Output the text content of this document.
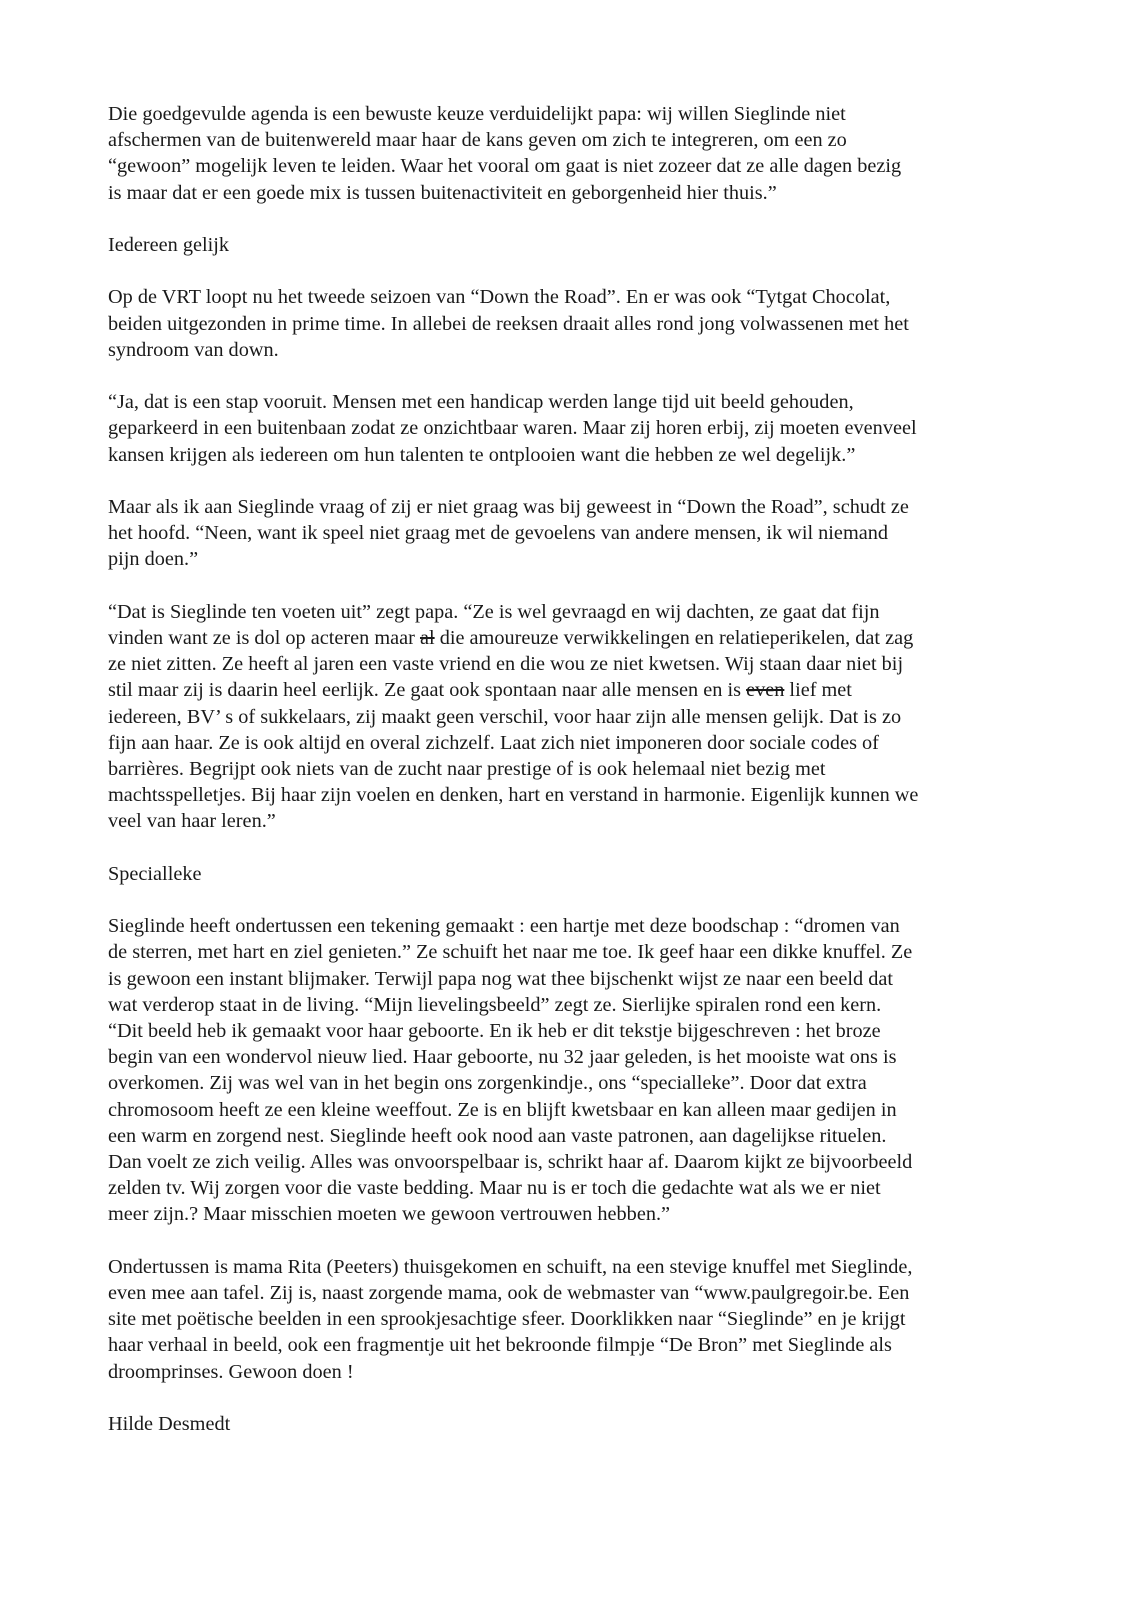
Die goedgevulde agenda is een bewuste keuze verduidelijkt papa: wij willen Sieglinde niet
afschermen van de buitenwereld maar haar de kans geven om zich te integreren, om een zo
“gewoon” mogelijk leven te leiden. Waar het vooral om gaat is niet zozeer dat ze alle dagen bezig
is maar dat er een goede mix is tussen buitenactiviteit en geborgenheid hier thuis.”

Iedereen gelijk

Op de VRT loopt nu het tweede seizoen van “Down the Road”. En er was ook “Tytgat Chocolat,
beiden uitgezonden in prime time. In allebei de reeksen draait alles rond jong volwassenen met het
syndroom van down.

“Ja, dat is een stap vooruit. Mensen met een handicap werden lange tijd uit beeld gehouden,
geparkeerd in een buitenbaan zodat ze onzichtbaar waren. Maar zij horen erbij, zij moeten evenveel
kansen krijgen als iedereen om hun talenten te ontplooien want die hebben ze wel degelijk.”

Maar als ik aan Sieglinde vraag of zij er niet graag was bij geweest in “Down the Road”, schudt ze
het hoofd. “Neen, want ik speel niet graag met de gevoelens van andere mensen, ik wil niemand
pijn doen.”

“Dat is Sieglinde ten voeten uit” zegt papa. “Ze is wel gevraagd en wij dachten, ze gaat dat fijn
vinden want ze is dol op acteren maar al die amoureuze verwikkelingen en relatieperikelen, dat zag
ze niet zitten. Ze heeft al jaren een vaste vriend en die wou ze niet kwetsen. Wij staan daar niet bij
stil maar zij is daarin heel eerlijk. Ze gaat ook spontaan naar alle mensen en is even lief met
iedereen, BV’ s of sukkelaars, zij maakt geen verschil, voor haar zijn alle mensen gelijk. Dat is zo
fijn aan haar. Ze is ook altijd en overal zichzelf. Laat zich niet imponeren door sociale codes of
barrières. Begrijpt ook niets van de zucht naar prestige of is ook helemaal niet bezig met
machtsspelletjes. Bij haar zijn voelen en denken, hart en verstand in harmonie. Eigenlijk kunnen we
veel van haar leren.”

Specialleke

Sieglinde heeft ondertussen een tekening gemaakt : een hartje met deze boodschap : “dromen van
de sterren, met hart en ziel genieten.” Ze schuift het naar me toe. Ik geef haar een dikke knuffel. Ze
is gewoon een instant blijmaker. Terwijl papa nog wat thee bijschenkt wijst ze naar een beeld dat
wat verderop staat in de living. “Mijn lievelingsbeeld” zegt ze. Sierlijke spiralen rond een kern.
“Dit beeld heb ik gemaakt voor haar geboorte. En ik heb er dit tekstje bijgeschreven : het broze
begin van een wondervol nieuw lied. Haar geboorte, nu 32 jaar geleden, is het mooiste wat ons is
overkomen. Zij was wel van in het begin ons zorgenkindje., ons “specialleke”. Door dat extra
chromosoom heeft ze een kleine weeffout. Ze is en blijft kwetsbaar en kan alleen maar gedijen in
een warm en zorgend nest. Sieglinde heeft ook nood aan vaste patronen, aan dagelijkse rituelen.
Dan voelt ze zich veilig. Alles was onvoorspelbaar is, schrikt haar af. Daarom kijkt ze bijvoorbeeld
zelden tv. Wij zorgen voor die vaste bedding. Maar nu is er toch die gedachte wat als we er niet
meer zijn.? Maar misschien moeten we gewoon vertrouwen hebben.”

Ondertussen is mama Rita (Peeters) thuisgekomen en schuift, na een stevige knuffel met Sieglinde,
even mee aan tafel. Zij is, naast zorgende mama, ook de webmaster van “www.paulgregoir.be. Een
site met poëtische beelden in een sprookjesachtige sfeer. Doorklikken naar “Sieglinde” en je krijgt
haar verhaal in beeld, ook een fragmentje uit het bekroonde filmpje “De Bron” met Sieglinde als
droomprinses. Gewoon doen !

Hilde Desmedt
